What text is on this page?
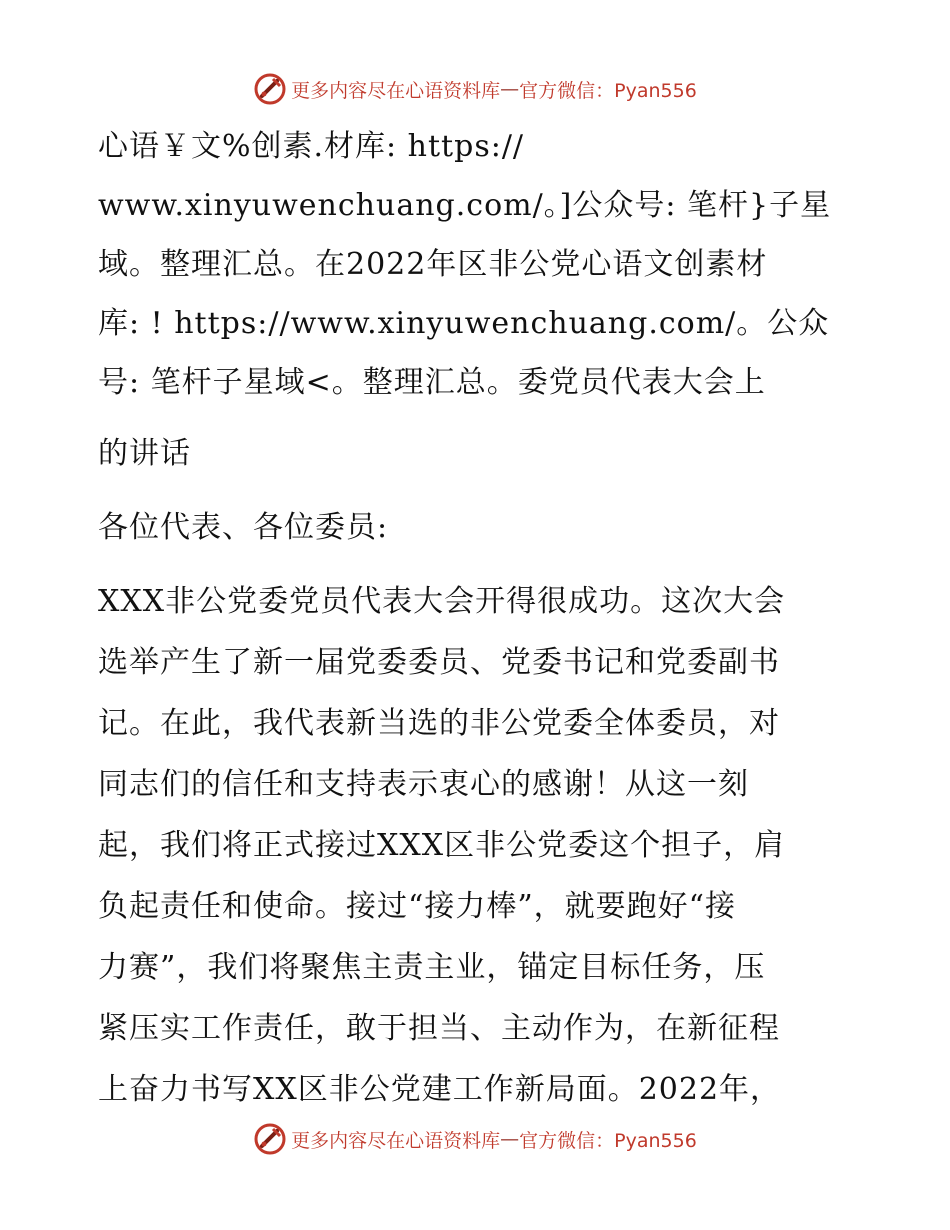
更多内容尽在心语资料库 — 官方微信：Pyan556
心语￥文%创素.材库: https://
www.xinyuwenchuang.com/。]公众号: 笔杆}子星
域。整理汇总。在2022年区非公党心语文创素材
库: ! https://www.xinyuwenchuang.com/。公众
号: 笔杆子星域<。整理汇总。委党员代表大会上
的讲话
各位代表、各位委员:
XXX非公党委党员代表大会开得很成功。这次大会
选举产生了新一届党委委员、党委书记和党委副书
记。在此，我代表新当选的非公党委全体委员，对
同志们的信任和支持表示衷心的感谢！从这一刻
起，我们将正式接过XXX区非公党委这个担子，肩
负起责任和使命。接过“接力棒”，就要跑好“接
力赛”，我们将聚焦主责主业，锚定目标任务，压
紧压实工作责任，敢于担当、主动作为，在新征程
上奋力书写XX区非公党建工作新局面。2022年，
更多内容尽在心语资料库 — 官方微信：Pyan556
